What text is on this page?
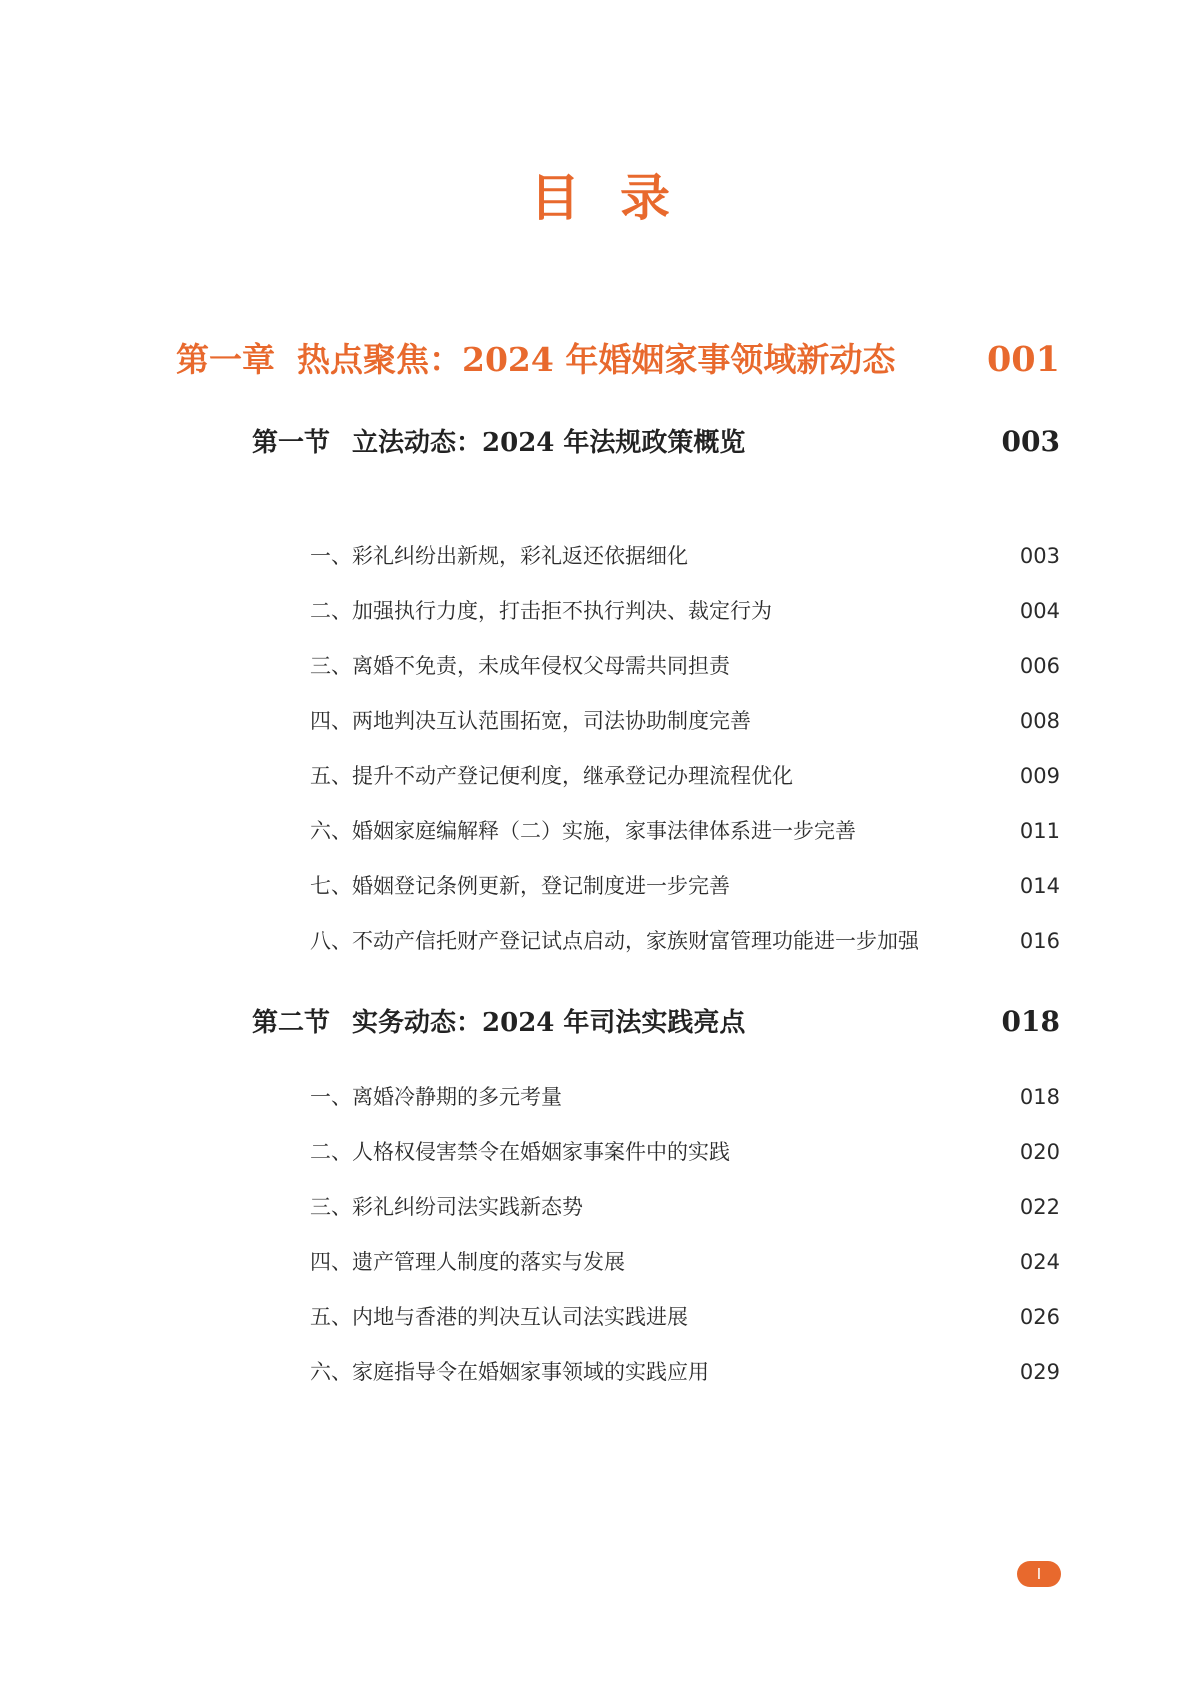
目录
第一章 热点聚焦：2024 年婚姻家事领域新动态	001
第一节 立法动态：2024 年法规政策概览	003
一、彩礼纠纷出新规，彩礼返还依据细化	003
二、加强执行力度，打击拒不执行判决、裁定行为	004
三、离婚不免责，未成年侵权父母需共同担责	006
四、两地判决互认范围拓宽，司法协助制度完善	008
五、提升不动产登记便利度，继承登记办理流程优化	009
六、婚姻家庭编解释（二）实施，家事法律体系进一步完善	011
七、婚姻登记条例更新，登记制度进一步完善	014
八、不动产信托财产登记试点启动，家族财富管理功能进一步加强	016
第二节 实务动态：2024 年司法实践亮点	018
一、离婚冷静期的多元考量	018
二、人格权侵害禁令在婚姻家事案件中的实践	020
三、彩礼纠纷司法实践新态势	022
四、遗产管理人制度的落实与发展	024
五、内地与香港的判决互认司法实践进展	026
六、家庭指导令在婚姻家事领域的实践应用	029
I
